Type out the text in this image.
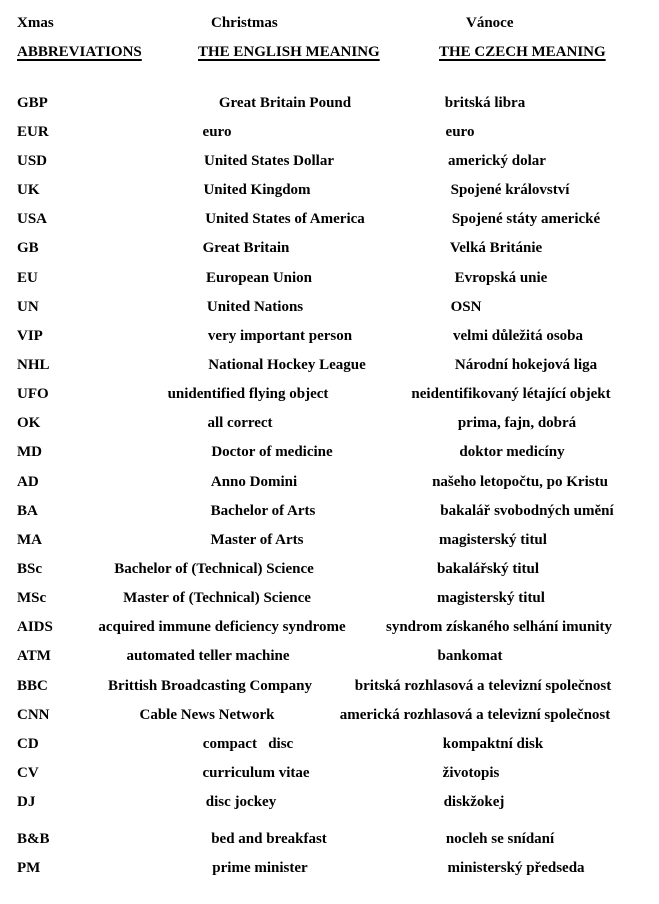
Xmas	Christmas	Vánoce
ABBREVIATIONS	THE ENGLISH MEANING	THE CZECH MEANING
GBP	Great Britain Pound	britská libra
EUR	euro	euro
USD	United States Dollar	americký dolar
UK	United Kingdom	Spojené království
USA	United States of America	Spojené státy americké
GB	Great Britain	Velká Británie
EU	European Union	Evropská unie
UN	United Nations	OSN
VIP	very important person	velmi důležitá osoba
NHL	National Hockey League	Národní hokejová liga
UFO	unidentified flying object	neidentifikovaný létající objekt
OK	all correct	prima, fajn, dobrá
MD	Doctor of medicine	doktor medicíny
AD	Anno Domini	našeho letopočtu, po Kristu
BA	Bachelor of Arts	bakalář svobodných umění
MA	Master of Arts	magisterský titul
BSc	Bachelor of (Technical) Science	bakalářský titul
MSc	Master of (Technical) Science	magisterský titul
AIDS	acquired immune deficiency syndrome	syndrom získaného selhání imunity
ATM	automated teller machine	bankomat
BBC	Brittish Broadcasting Company	britská rozhlasová a televizní společnost
CNN	Cable News Network	americká rozhlasová a televizní společnost
CD	compact   disc	kompaktní disk
CV	curriculum vitae	životopis
DJ	disc jockey	diskžokej
B&B	bed and breakfast	nocleh se snídaní
PM	prime minister	ministerský předseda
